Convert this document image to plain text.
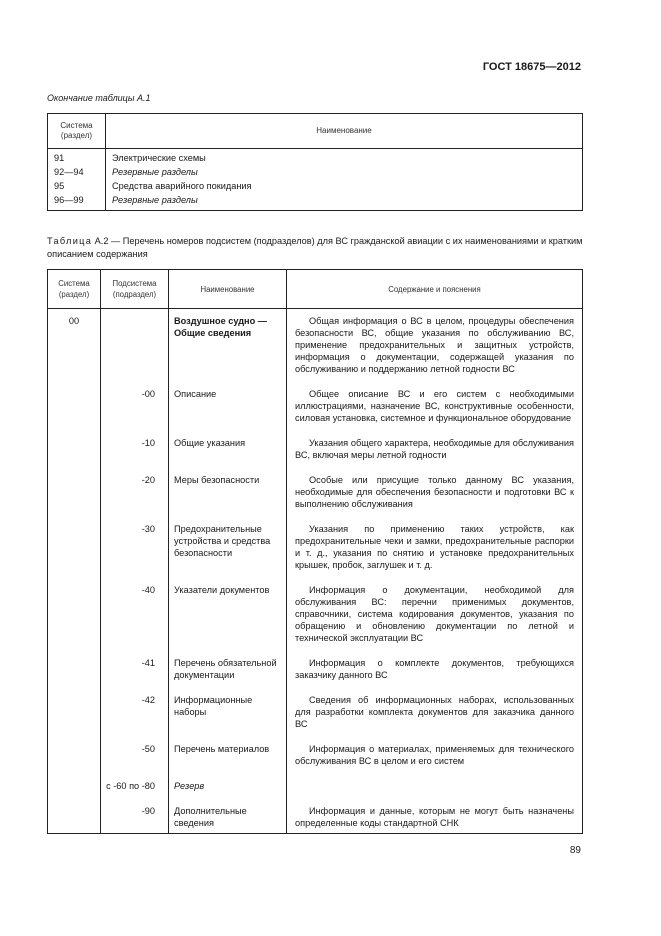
ГОСТ 18675—2012
Окончание таблицы А.1
Система (раздел)	Наименование
91	Электрические схемы
92—94	Резервные разделы
95	Средства аварийного покидания
96—99	Резервные разделы
Таблица А.2 — Перечень номеров подсистем (подразделов) для ВС гражданской авиации с их наименованиями и кратким описанием содержания
Система (раздел)	Подсистема (подраздел)	Наименование	Содержание и пояснения
00		Воздушное судно — Общие сведения	Общая информация о ВС в целом, процедуры обеспечения безопасности ВС, общие указания по обслуживанию ВС, применение предохранительных и защитных устройств, информация о документации, содержащей указания по обслуживанию и поддержанию летной годности ВС

	-00	Описание	Общее описание ВС и его систем с необходимыми иллюстрациями, назначение ВС, конструктивные особенности, силовая установка, системное и функциональное оборудование

	-10	Общие указания	Указания общего характера, необходимые для обслуживания ВС, включая меры летной годности

	-20	Меры безопасности	Особые или присущие только данному ВС указания, необходимые для обеспечения безопасности и подготовки ВС к выполнению обслуживания

	-30	Предохранительные устройства и средства безопасности	Указания по применению таких устройств, как предохранительные чеки и замки, предохранительные распорки и т. д., указания по снятию и установке предохранительных крышек, пробок, заглушек и т. д.

	-40	Указатели документов	Информация о документации, необходимой для обслуживания ВС: перечни применимых документов, справочники, система кодирования документов, указания по обращению и обновлению документации по летной и технической эксплуатации ВС

	-41	Перечень обязательной документации	Информация о комплекте документов, требующихся заказчику данного ВС

	-42	Информационные наборы	Сведения об информационных наборах, использованных для разработки комплекта документов для заказчика данного ВС

	-50	Перечень материалов	Информация о материалах, применяемых для технического обслуживания ВС в целом и его систем

	с -60 по -80	Резерв	

	-90	Дополнительные сведения	Информация и данные, которым не могут быть назначены определенные коды стандартной СНК
89
